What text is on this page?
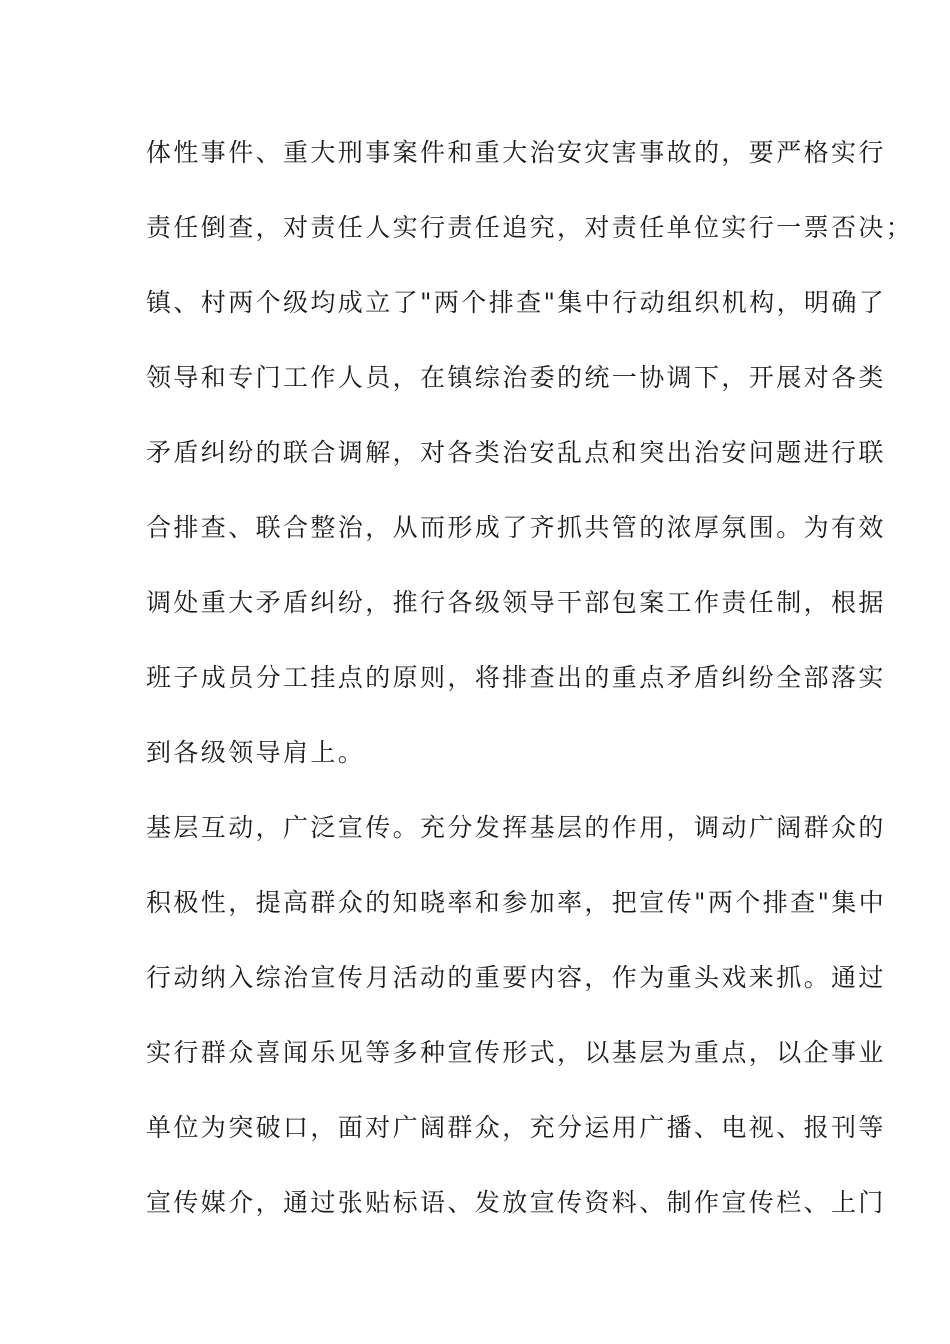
体性事件、重大刑事案件和重大治安灾害事故的，要严格实行
责任倒查，对责任人实行责任追究，对责任单位实行一票否决；
镇、村两个级均成立了"两个排查"集中行动组织机构，明确了
领导和专门工作人员，在镇综治委的统一协调下，开展对各类
矛盾纠纷的联合调解，对各类治安乱点和突出治安问题进行联
合排查、联合整治，从而形成了齐抓共管的浓厚氛围。为有效
调处重大矛盾纠纷，推行各级领导干部包案工作责任制，根据
班子成员分工挂点的原则，将排查出的重点矛盾纠纷全部落实
到各级领导肩上。
基层互动，广泛宣传。充分发挥基层的作用，调动广阔群众的
积极性，提高群众的知晓率和参加率，把宣传"两个排查"集中
行动纳入综治宣传月活动的重要内容，作为重头戏来抓。通过
实行群众喜闻乐见等多种宣传形式，以基层为重点，以企事业
单位为突破口，面对广阔群众，充分运用广播、电视、报刊等
宣传媒介，通过张贴标语、发放宣传资料、制作宣传栏、上门
